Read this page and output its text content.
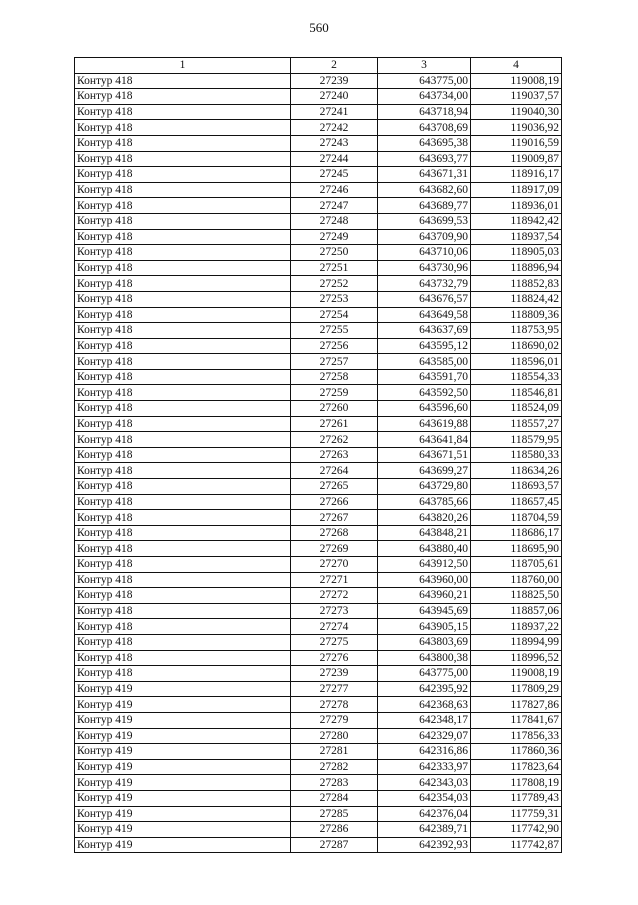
560
1	2	3	4
Контур 418	27239	643775,00	119008,19
Контур 418	27240	643734,00	119037,57
Контур 418	27241	643718,94	119040,30
Контур 418	27242	643708,69	119036,92
Контур 418	27243	643695,38	119016,59
Контур 418	27244	643693,77	119009,87
Контур 418	27245	643671,31	118916,17
Контур 418	27246	643682,60	118917,09
Контур 418	27247	643689,77	118936,01
Контур 418	27248	643699,53	118942,42
Контур 418	27249	643709,90	118937,54
Контур 418	27250	643710,06	118905,03
Контур 418	27251	643730,96	118896,94
Контур 418	27252	643732,79	118852,83
Контур 418	27253	643676,57	118824,42
Контур 418	27254	643649,58	118809,36
Контур 418	27255	643637,69	118753,95
Контур 418	27256	643595,12	118690,02
Контур 418	27257	643585,00	118596,01
Контур 418	27258	643591,70	118554,33
Контур 418	27259	643592,50	118546,81
Контур 418	27260	643596,60	118524,09
Контур 418	27261	643619,88	118557,27
Контур 418	27262	643641,84	118579,95
Контур 418	27263	643671,51	118580,33
Контур 418	27264	643699,27	118634,26
Контур 418	27265	643729,80	118693,57
Контур 418	27266	643785,66	118657,45
Контур 418	27267	643820,26	118704,59
Контур 418	27268	643848,21	118686,17
Контур 418	27269	643880,40	118695,90
Контур 418	27270	643912,50	118705,61
Контур 418	27271	643960,00	118760,00
Контур 418	27272	643960,21	118825,50
Контур 418	27273	643945,69	118857,06
Контур 418	27274	643905,15	118937,22
Контур 418	27275	643803,69	118994,99
Контур 418	27276	643800,38	118996,52
Контур 418	27239	643775,00	119008,19
Контур 419	27277	642395,92	117809,29
Контур 419	27278	642368,63	117827,86
Контур 419	27279	642348,17	117841,67
Контур 419	27280	642329,07	117856,33
Контур 419	27281	642316,86	117860,36
Контур 419	27282	642333,97	117823,64
Контур 419	27283	642343,03	117808,19
Контур 419	27284	642354,03	117789,43
Контур 419	27285	642376,04	117759,31
Контур 419	27286	642389,71	117742,90
Контур 419	27287	642392,93	117742,87
